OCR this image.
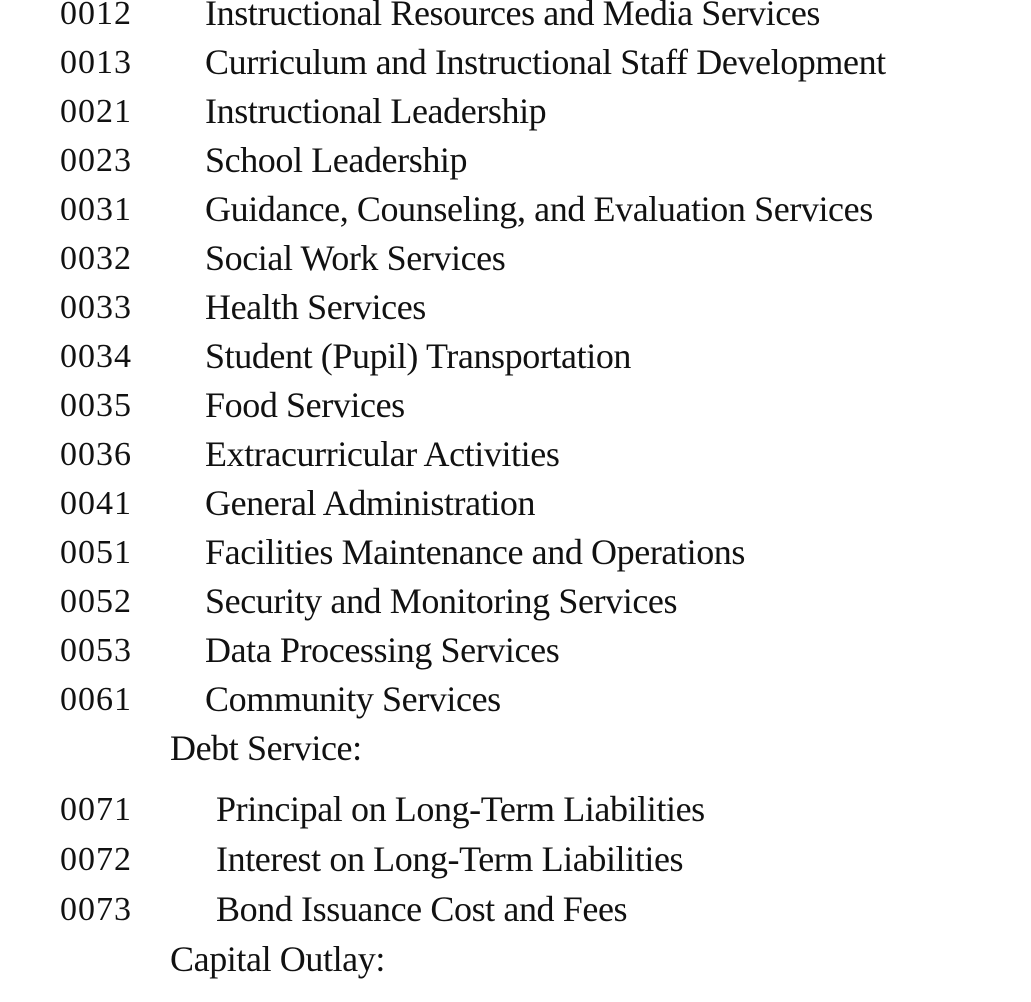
0012 Instructional Resources and Media Services
0013 Curriculum and Instructional Staff Development
0021 Instructional Leadership
0023 School Leadership
0031 Guidance, Counseling, and Evaluation Services
0032 Social Work Services
0033 Health Services
0034 Student (Pupil) Transportation
0035 Food Services
0036 Extracurricular Activities
0041 General Administration
0051 Facilities Maintenance and Operations
0052 Security and Monitoring Services
0053 Data Processing Services
0061 Community Services
Debt Service:
0071 Principal on Long-Term Liabilities
0072 Interest on Long-Term Liabilities
0073 Bond Issuance Cost and Fees
Capital Outlay:
